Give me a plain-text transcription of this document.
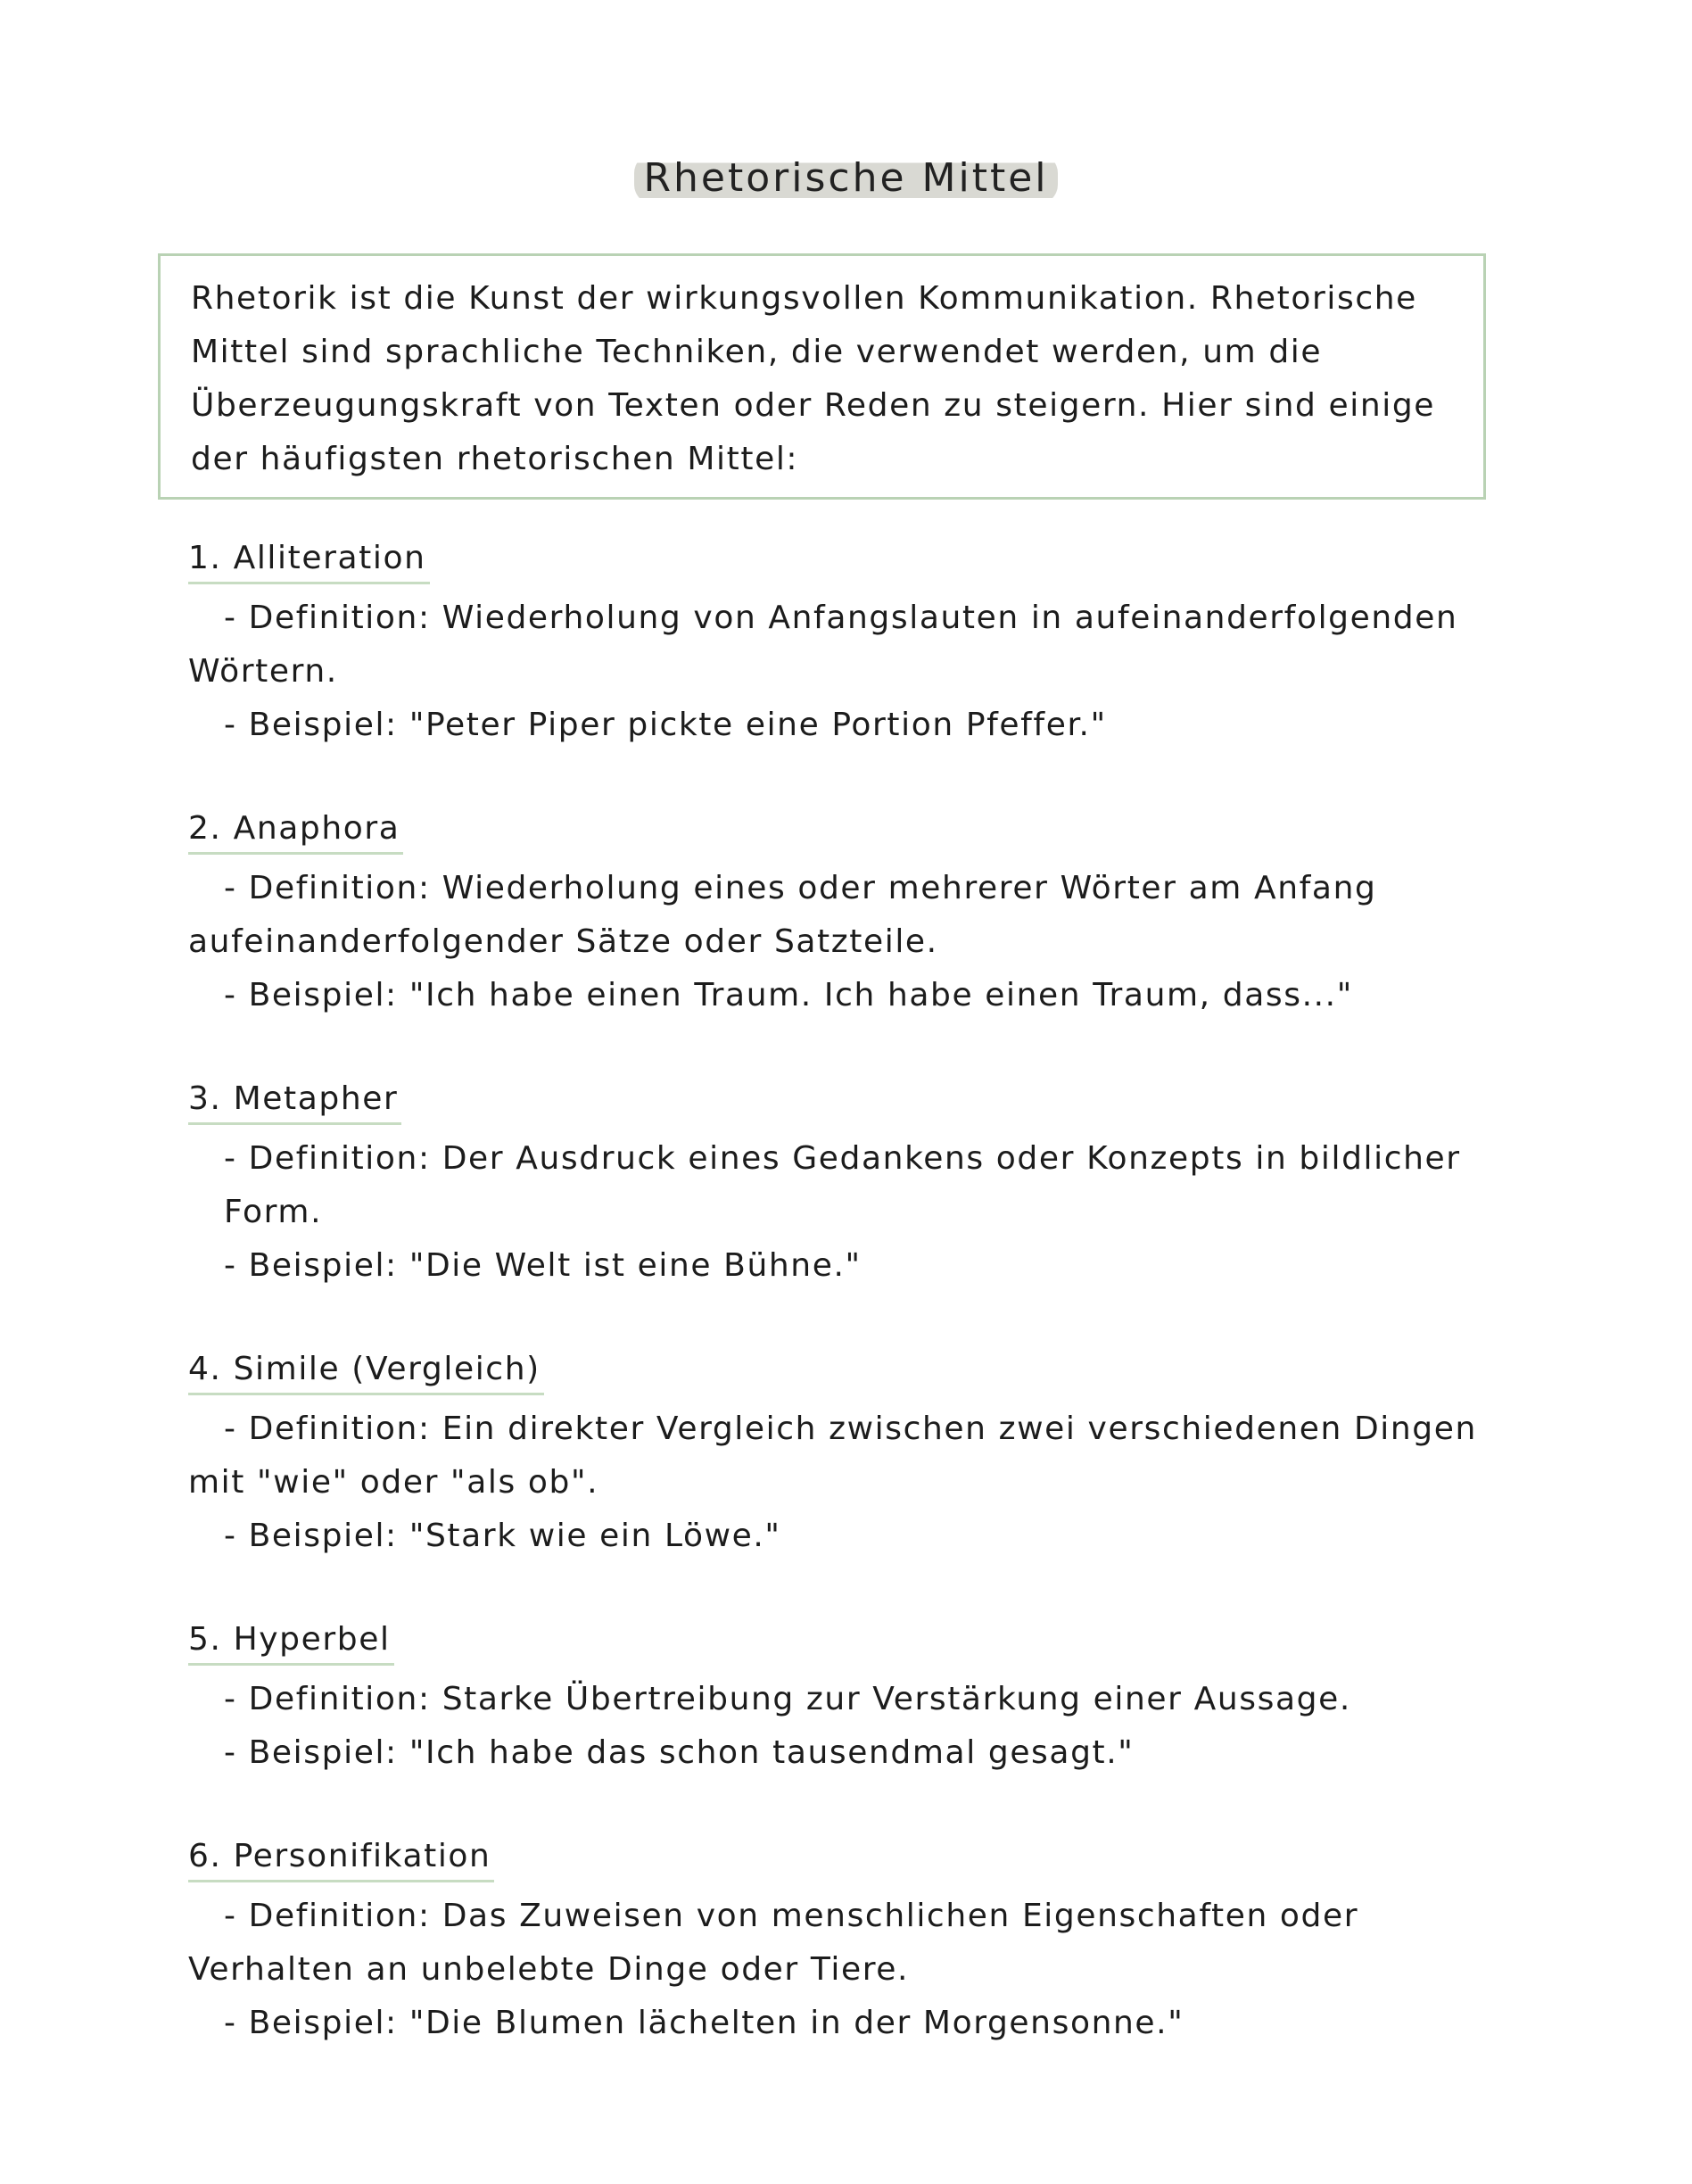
Rhetorische Mittel

Rhetorik ist die Kunst der wirkungsvollen Kommunikation. Rhetorische Mittel sind sprachliche Techniken, die verwendet werden, um die Überzeugungskraft von Texten oder Reden zu steigern. Hier sind einige der häufigsten rhetorischen Mittel:

1. Alliteration

- Definition: Wiederholung von Anfangslauten in aufeinanderfolgenden Wörtern.

- Beispiel: "Peter Piper pickte eine Portion Pfeffer."

2. Anaphora

- Definition: Wiederholung eines oder mehrerer Wörter am Anfang aufeinanderfolgender Sätze oder Satzteile.

- Beispiel: "Ich habe einen Traum. Ich habe einen Traum, dass..."

3. Metapher

- Definition: Der Ausdruck eines Gedankens oder Konzepts in bildlicher Form.

- Beispiel: "Die Welt ist eine Bühne."

4. Simile (Vergleich)

- Definition: Ein direkter Vergleich zwischen zwei verschiedenen Dingen mit "wie" oder "als ob".

- Beispiel: "Stark wie ein Löwe."

5. Hyperbel

- Definition: Starke Übertreibung zur Verstärkung einer Aussage.

- Beispiel: "Ich habe das schon tausendmal gesagt."

6. Personifikation

- Definition: Das Zuweisen von menschlichen Eigenschaften oder Verhalten an unbelebte Dinge oder Tiere.

- Beispiel: "Die Blumen lächelten in der Morgensonne."
